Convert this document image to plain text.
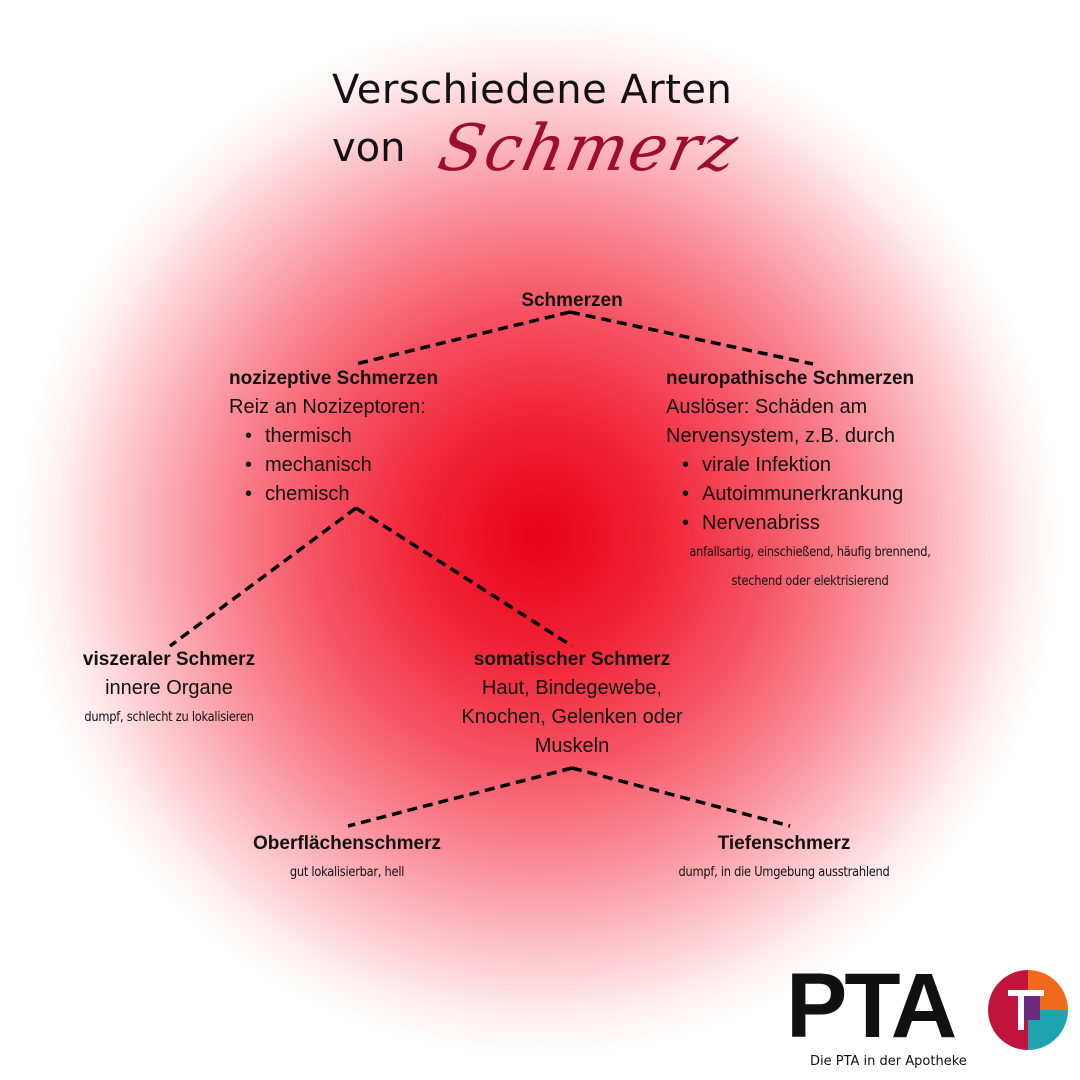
Verschiedene Arten
von Schmerz
Schmerzen
nozizeptive Schmerzen
Reiz an Nozizeptoren:
• thermisch
• mechanisch
• chemisch
neuropathische Schmerzen
Auslöser: Schäden am
Nervensystem, z.B. durch
• virale Infektion
• Autoimmunerkrankung
• Nervenabriss
anfallsartig, einschießend, häufig brennend,
stechend oder elektrisierend
viszeraler Schmerz
innere Organe
dumpf, schlecht zu lokalisieren
somatischer Schmerz
Haut, Bindegewebe,
Knochen, Gelenken oder
Muskeln
Oberflächenschmerz
gut lokalisierbar, hell
Tiefenschmerz
dumpf, in die Umgebung ausstrahlend
PTA
Die PTA in der Apotheke
